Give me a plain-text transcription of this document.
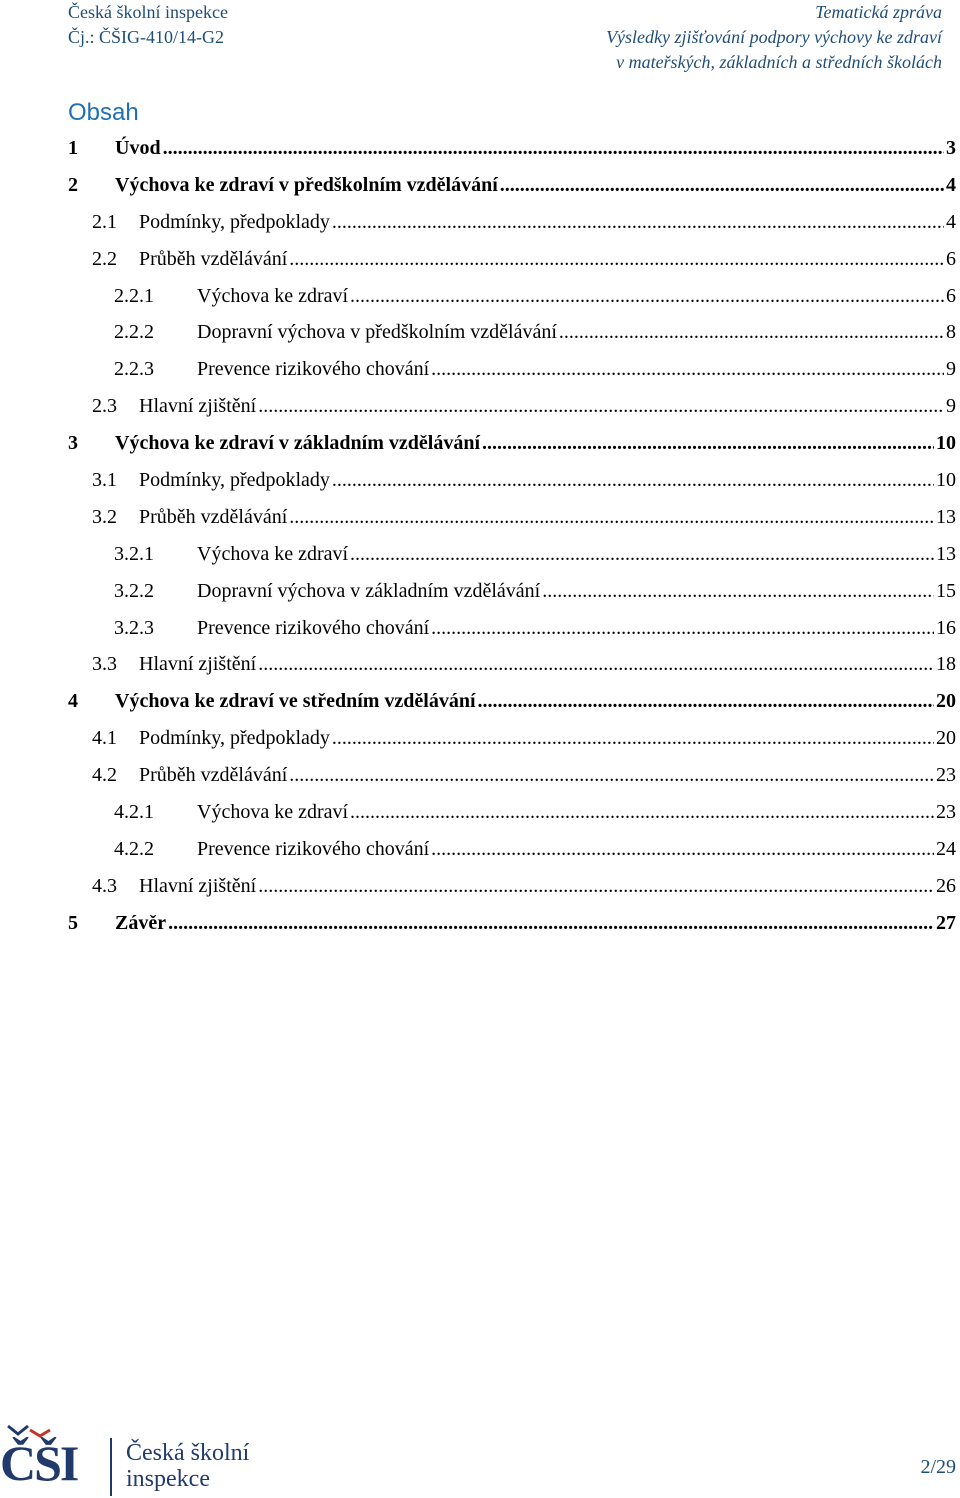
Česká školní inspekce
Čj.: ČŠIG-410/14-G2
Tematická zpráva
Výsledky zjišťování podpory výchovy ke zdraví
v mateřských, základních a středních školách
Obsah
1	Úvod .....	3
2	Výchova ke zdraví v předškolním vzdělávání .....	4
2.1	Podmínky, předpoklady .....	4
2.2	Průběh vzdělávání .....	6
2.2.1	Výchova ke zdraví .....	6
2.2.2	Dopravní výchova v předškolním vzdělávání .....	8
2.2.3	Prevence rizikového chování .....	9
2.3	Hlavní zjištění .....	9
3	Výchova ke zdraví v základním vzdělávání .....	10
3.1	Podmínky, předpoklady .....	10
3.2	Průběh vzdělávání .....	13
3.2.1	Výchova ke zdraví .....	13
3.2.2	Dopravní výchova v základním vzdělávání .....	15
3.2.3	Prevence rizikového chování .....	16
3.3	Hlavní zjištění .....	18
4	Výchova ke zdraví ve středním vzdělávání .....	20
4.1	Podmínky, předpoklady .....	20
4.2	Průběh vzdělávání .....	23
4.2.1	Výchova ke zdraví .....	23
4.2.2	Prevence rizikového chování .....	24
4.3	Hlavní zjištění .....	26
5	Závěr .....	27
ČŠI Česká školní
inspekce	2/29
